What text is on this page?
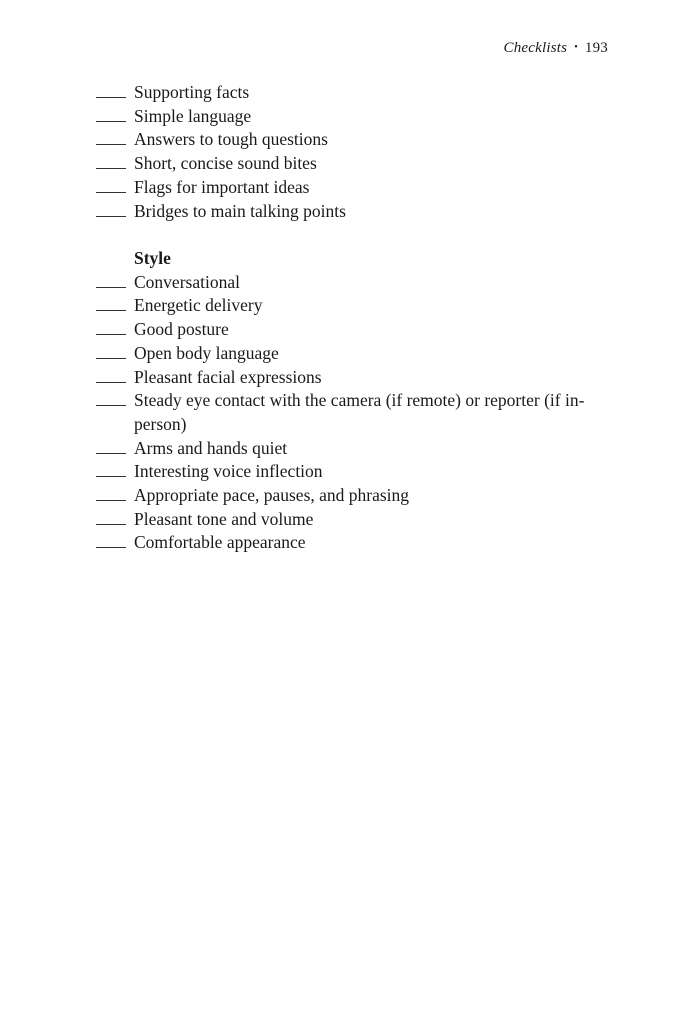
Checklists • 193
Supporting facts
Simple language
Answers to tough questions
Short, concise sound bites
Flags for important ideas
Bridges to main talking points
Style
Conversational
Energetic delivery
Good posture
Open body language
Pleasant facial expressions
Steady eye contact with the camera (if remote) or reporter (if in-person)
Arms and hands quiet
Interesting voice inflection
Appropriate pace, pauses, and phrasing
Pleasant tone and volume
Comfortable appearance
